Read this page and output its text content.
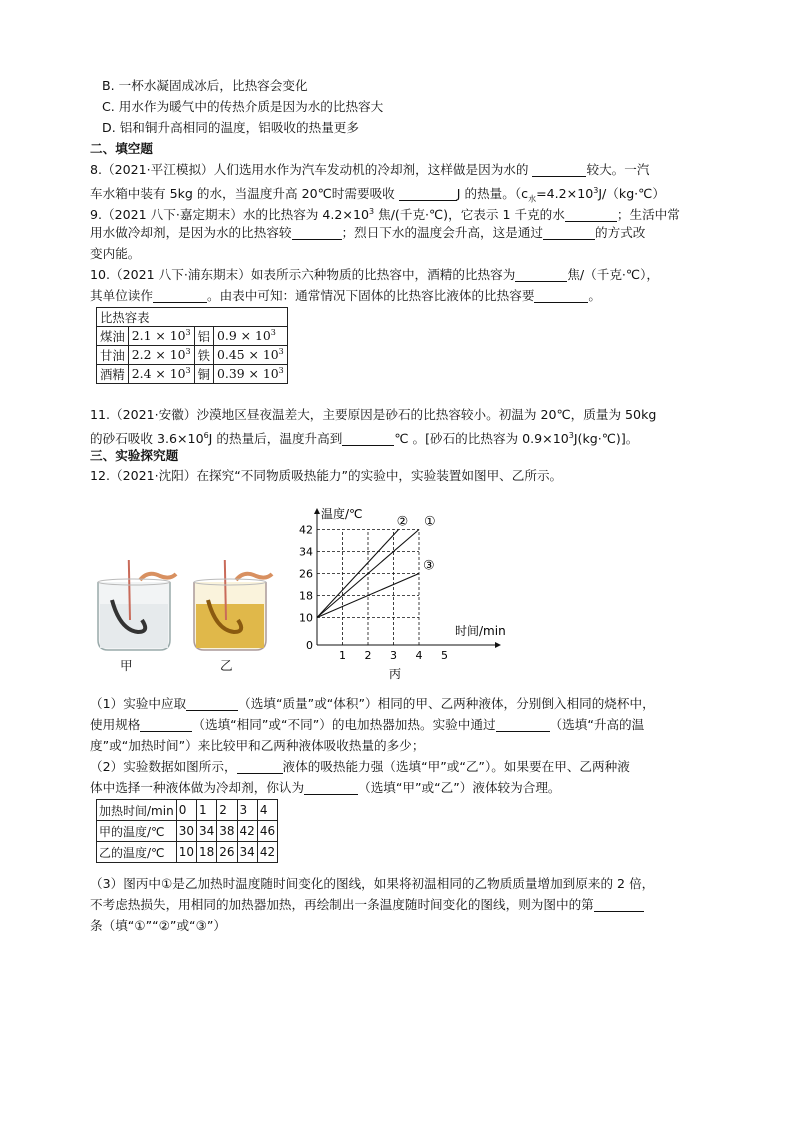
B. 一杯水凝固成冰后，比热容会变化
C. 用水作为暖气中的传热介质是因为水的比热容大
D. 铝和铜升高相同的温度，铝吸收的热量更多
二、填空题
8.（2021·平江模拟）人们选用水作为汽车发动机的冷却剂，这样做是因为水的	较大。一汽
车水箱中装有 5kg 的水，当温度升高 20℃时需要吸收	J 的热量。（$c_水=4.2\times 10^3J/(kg\cdot℃)$
9.（2021 八下·嘉定期末）水的比热容为 $4.2\times 10^3$ 焦/(千克·℃)，它表示 1 千克的水	；生活中常
用水做冷却剂，是因为水的比热容较	；烈日下水的温度会升高，这是通过	的方式改
变内能。
10.（2021 八下·浦东期末）如表所示六种物质的比热容中，酒精的比热容为	焦/（千克·℃），
其单位读作	。由表中可知：通常情况下固体的比热容比液体的比热容要	。
比热容表			
煤油	$2.1 \times 10^3$	铝	$0.9 \times 10^3$
甘油	$2.2 \times 10^3$	铁	$0.45 \times 10^3$
酒精	$2.4 \times 10^3$	铜	$0.39 \times 10^3$
11.（2021·安徽）沙漠地区昼夜温差大，主要原因是砂石的比热容较小。初温为 20℃，质量为 50kg
的砂石吸收 $3.6\times 10^6J$ 的热量后，温度升高到	℃ 。[砂石的比热容为 $0.9\times 10^3J(kg\cdot℃)$]。
三、实验探究题
12.（2021·沈阳）在探究“不同物质吸热能力”的实验中，实验装置如图甲、乙所示。
甲	乙
10
18
26
34
42
1 2 3 4 5
0
温度/℃
时间/min
丙
①
②
③
（1）实验中应取	（选填“质量”或“体积”）相同的甲、乙两种液体，分别倒入相同的烧杯中，
使用规格	（选填“相同”或“不同”）的电加热器加热。实验中通过	（选填“升高的温
度”或“加热时间”）来比较甲和乙两种液体吸收热量的多少；
（2）实验数据如图所示，	液体的吸热能力强（选填“甲”或“乙”）。如果要在甲、乙两种液
体中选择一种液体做为冷却剂，你认为	（选填“甲”或“乙”）液体较为合理。
加热时间/min	0	1	2	3	4
甲的温度/℃	30	34	38	42	46
乙的温度/℃	10	18	26	34	42
（3）图丙中①是乙加热时温度随时间变化的图线，如果将初温相同的乙物质质量增加到原来的 2 倍，
不考虑热损失，用相同的加热器加热，再绘制出一条温度随时间变化的图线，则为图中的第
条（填“①”“②”或“③”）
